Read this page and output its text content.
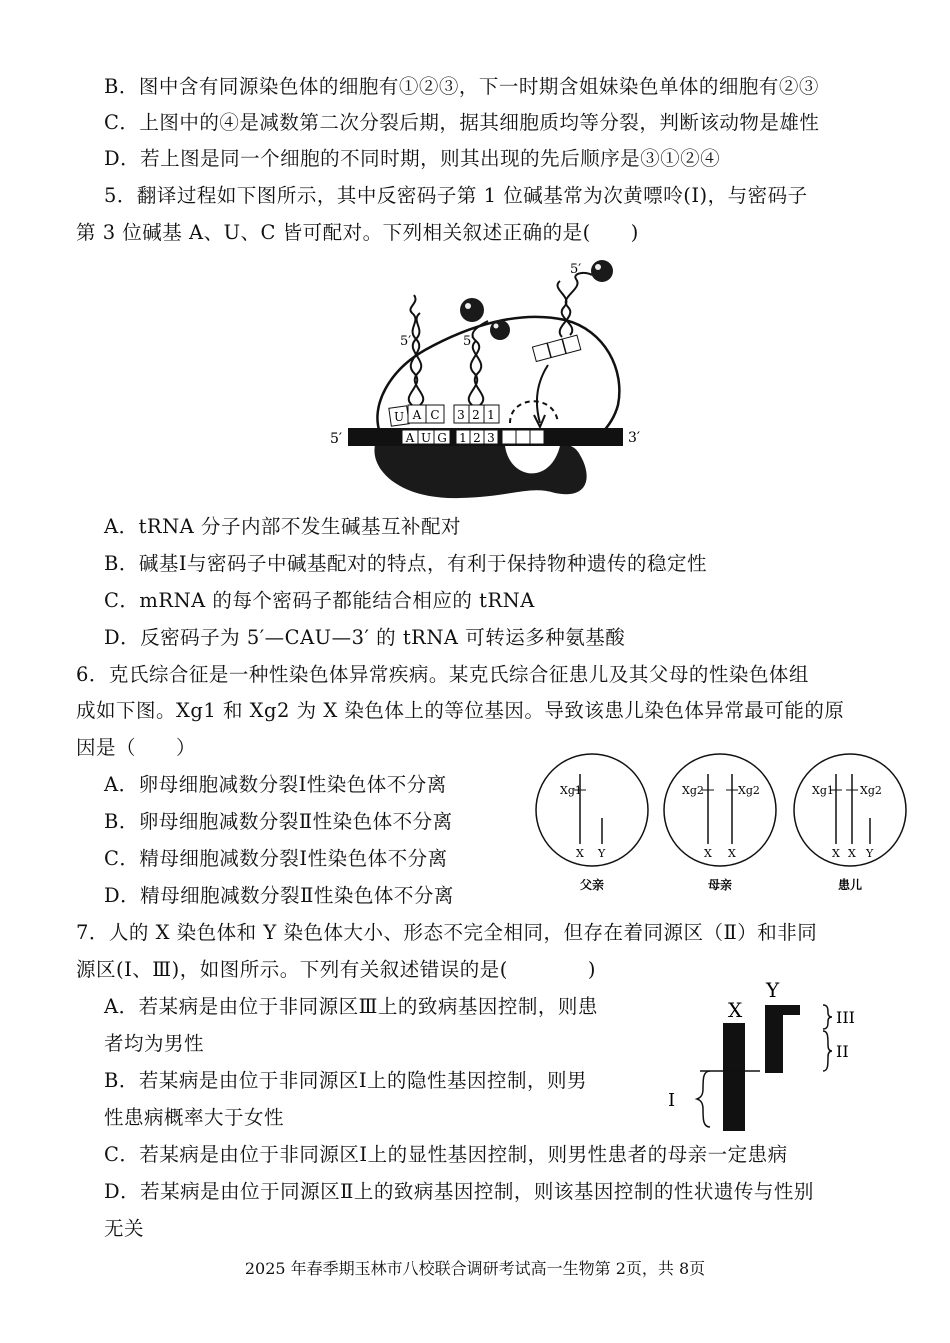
B．图中含有同源染色体的细胞有①②③，下一时期含姐妹染色单体的细胞有②③
C．上图中的④是减数第二次分裂后期，据其细胞质均等分裂，判断该动物是雄性
D．若上图是同一个细胞的不同时期，则其出现的先后顺序是③①②④
5．翻译过程如下图所示，其中反密码子第 1 位碱基常为次黄嘌呤(Ⅰ)，与密码子
第 3 位碱基 A、U、C 皆可配对。下列相关叙述正确的是(　　)
A U G 1 2 3
U A C 3 2 1
5′	5′
5′
5′	3′
A．tRNA 分子内部不发生碱基互补配对
B．碱基Ⅰ与密码子中碱基配对的特点，有利于保持物种遗传的稳定性
C．mRNA 的每个密码子都能结合相应的 tRNA
D．反密码子为 5′—CAU—3′ 的 tRNA 可转运多种氨基酸
6．克氏综合征是一种性染色体异常疾病。某克氏综合征患儿及其父母的性染色体组
成如下图。Xg1 和 Xg2 为 X 染色体上的等位基因。导致该患儿染色体异常最可能的原
因是（　　）
A．卵母细胞减数分裂Ⅰ性染色体不分离
B．卵母细胞减数分裂Ⅱ性染色体不分离
C．精母细胞减数分裂Ⅰ性染色体不分离
D．精母细胞减数分裂Ⅱ性染色体不分离
Xg1
X Y
父亲
Xg2	Xg2
X X
母亲
Xg1 Xg2
X X Y
患儿
7．人的 X 染色体和 Y 染色体大小、形态不完全相同，但存在着同源区（Ⅱ）和非同
源区(Ⅰ、Ⅲ)，如图所示。下列有关叙述错误的是(　　　　)
A．若某病是由位于非同源区Ⅲ上的致病基因控制，则患
者均为男性
B．若某病是由位于非同源区Ⅰ上的隐性基因控制，则男
性患病概率大于女性
C．若某病是由位于非同源区Ⅰ上的显性基因控制，则男性患者的母亲一定患病
D．若某病是由位于同源区Ⅱ上的致病基因控制，则该基因控制的性状遗传与性别
无关
X
Y
III
II
I
2025 年春季期玉林市八校联合调研考试高一生物第 2页，共 8页
